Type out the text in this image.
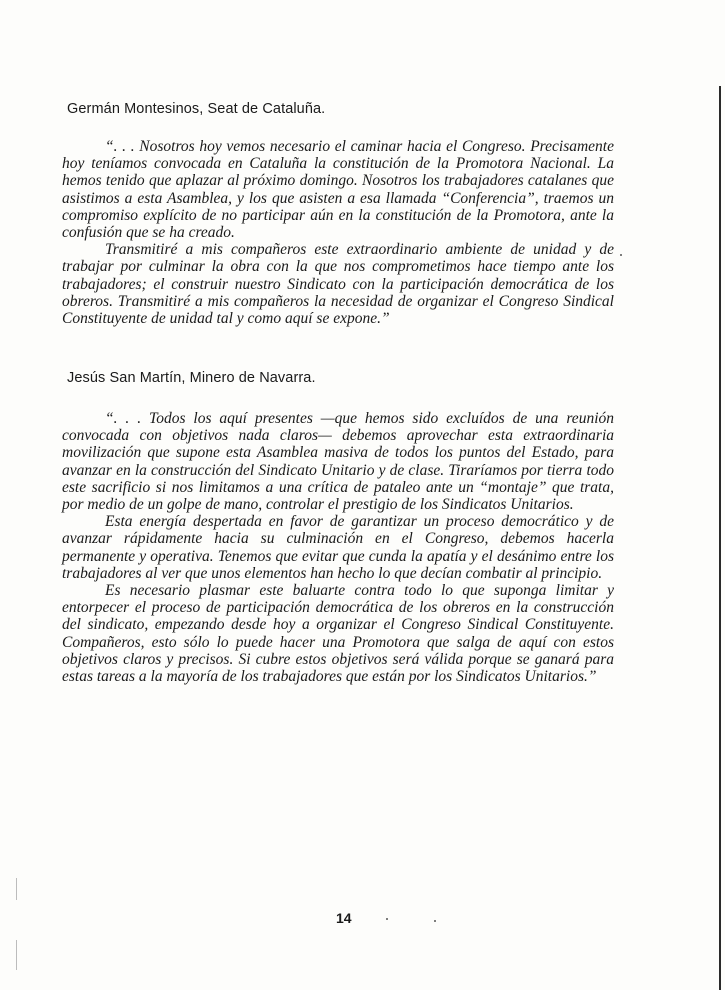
Germán Montesinos, Seat de Cataluña.

“. . . Nosotros hoy vemos necesario el caminar hacia el Congreso. Precisamente hoy teníamos convocada en Cataluña la constitución de la Promotora Nacional. La hemos tenido que aplazar al próximo domingo. Nosotros los trabajadores catalanes que asistimos a esta Asamblea, y los que asisten a esa llamada “Conferencia”, traemos un compromiso explícito de no participar aún en la constitución de la Promotora, ante la confusión que se ha creado.

Transmitiré a mis compañeros este extraordinario ambiente de unidad y de trabajar por culminar la obra con la que nos comprometimos hace tiempo ante los trabajadores; el construir nuestro Sindicato con la participación democrática de los obreros. Transmitiré a mis compañeros la necesidad de organizar el Congreso Sindical Constituyente de unidad tal y como aquí se expone.”

Jesús San Martín, Minero de Navarra.

“. . . Todos los aquí presentes —que hemos sido excluídos de una reunión convocada con objetivos nada claros— debemos aprovechar esta extraordinaria movilización que supone esta Asamblea masiva de todos los puntos del Estado, para avanzar en la construcción del Sindicato Unitario y de clase. Tiraríamos por tierra todo este sacrificio si nos limitamos a una crítica de pataleo ante un “montaje” que trata, por medio de un golpe de mano, controlar el prestigio de los Sindicatos Unitarios.

Esta energía despertada en favor de garantizar un proceso democrático y de avanzar rápidamente hacia su culminación en el Congreso, debemos hacerla permanente y operativa. Tenemos que evitar que cunda la apatía y el desánimo entre los trabajadores al ver que unos elementos han hecho lo que decían combatir al principio.

Es necesario plasmar este baluarte contra todo lo que suponga limitar y entorpecer el proceso de participación democrática de los obreros en la construcción del sindicato, empezando desde hoy a organizar el Congreso Sindical Constituyente. Compañeros, esto sólo lo puede hacer una Promotora que salga de aquí con estos objetivos claros y precisos. Si cubre estos objetivos será válida porque se ganará para estas tareas a la mayoría de los trabajadores que están por los Sindicatos Unitarios.”

14
